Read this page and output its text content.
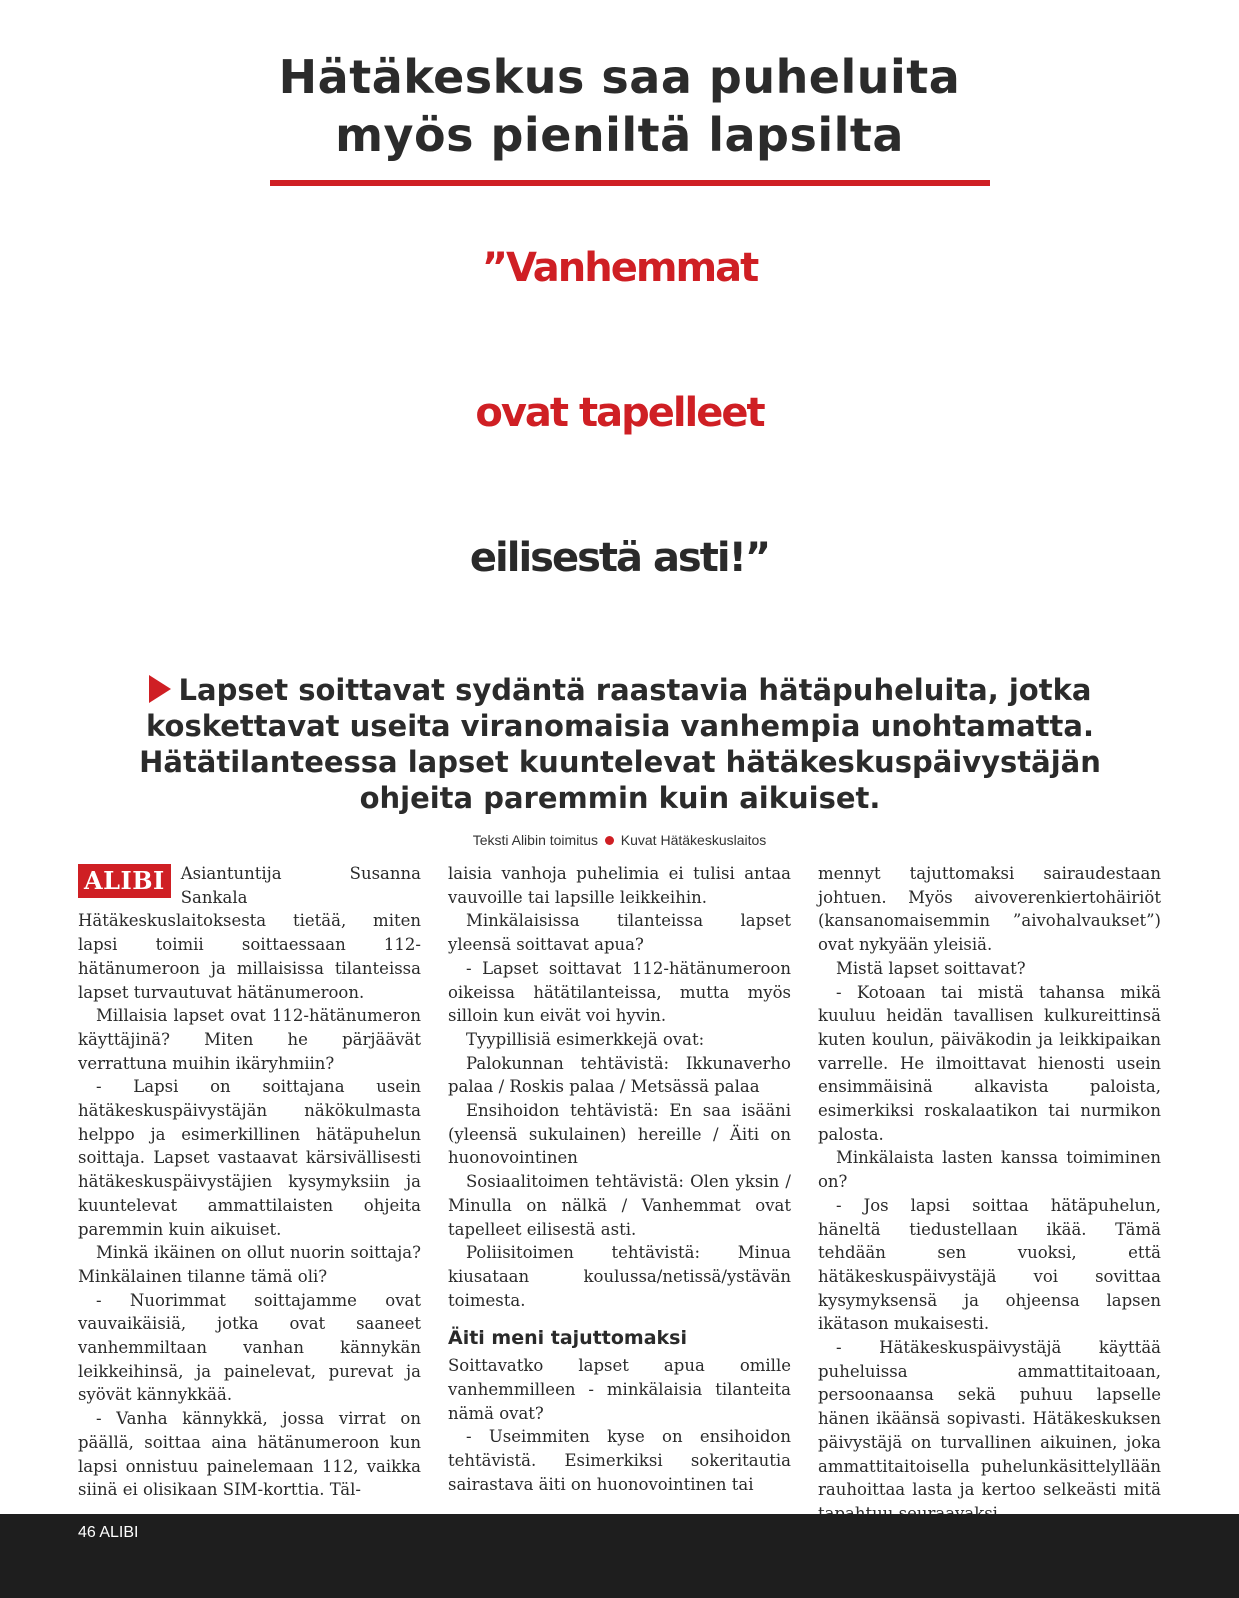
Hätäkeskus saa puheluita
myös pieniltä lapsilta
”Vanhemmat
ovat tapelleet
eilisestä asti!”
Lapset soittavat sydäntä raastavia hätäpuheluita, jotka koskettavat useita viranomaisia vanhempia unohtamatta. Hätätilanteessa lapset kuuntelevat hätäkeskuspäivystäjän ohjeita paremmin kuin aikuiset.
Teksti Alibin toimitus Kuvat Hätäkeskuslaitos
ALIBI Asiantuntija Susanna Sankala Hätäkeskuslaitoksesta tietää, miten lapsi toimii soittaessaan 112-hätänumeroon ja millaisissa tilanteissa lapset turvautuvat hätänumeroon.

Millaisia lapset ovat 112-hätänumeron käyttäjinä? Miten he pärjäävät verrattuna muihin ikäryhmiin?

- Lapsi on soittajana usein hätäkeskuspäivystäjän näkökulmasta helppo ja esimerkillinen hätäpuhelun soittaja. Lapset vastaavat kärsivällisesti hätäkeskuspäivystäjien kysymyksiin ja kuuntelevat ammattilaisten ohjeita paremmin kuin aikuiset.

Minkä ikäinen on ollut nuorin soittaja? Minkälainen tilanne tämä oli?

- Nuorimmat soittajamme ovat vauvaikäisiä, jotka ovat saaneet vanhemmiltaan vanhan kännykän leikkeihinsä, ja painelevat, purevat ja syövät kännykkää.

- Vanha kännykkä, jossa virrat on päällä, soittaa aina hätänumeroon kun lapsi onnistuu painelemaan 112, vaikka siinä ei olisikaan SIM-korttia. Täl-

laisia vanhoja puhelimia ei tulisi antaa vauvoille tai lapsille leikkeihin.

Minkälaisissa tilanteissa lapset yleensä soittavat apua?

- Lapset soittavat 112-hätänumeroon oikeissa hätätilanteissa, mutta myös silloin kun eivät voi hyvin.

Tyypillisiä esimerkkejä ovat:

Palokunnan tehtävistä: Ikkunaverho palaa / Roskis palaa / Metsässä palaa

Ensihoidon tehtävistä: En saa isääni (yleensä sukulainen) hereille / Äiti on huonovointinen

Sosiaalitoimen tehtävistä: Olen yksin / Minulla on nälkä / Vanhemmat ovat tapelleet eilisestä asti.

Poliisitoimen tehtävistä: Minua kiusataan koulussa/netissä/ystävän toimesta.

Äiti meni tajuttomaksi

Soittavatko lapset apua omille vanhemmilleen - minkälaisia tilanteita nämä ovat?

- Useimmiten kyse on ensihoidon tehtävistä. Esimerkiksi sokeritautia sairastava äiti on huonovointinen tai

mennyt tajuttomaksi sairaudestaan johtuen. Myös aivoverenkiertohäiriöt (kansanomaisemmin ”aivohalvaukset”) ovat nykyään yleisiä.

Mistä lapset soittavat?

- Kotoaan tai mistä tahansa mikä kuuluu heidän tavallisen kulkureittinsä kuten koulun, päiväkodin ja leikkipaikan varrelle. He ilmoittavat hienosti usein ensimmäisinä alkavista paloista, esimerkiksi roskalaatikon tai nurmikon palosta.

Minkälaista lasten kanssa toimiminen on?

- Jos lapsi soittaa hätäpuhelun, häneltä tiedustellaan ikää. Tämä tehdään sen vuoksi, että hätäkeskuspäivystäjä voi sovittaa kysymyksensä ja ohjeensa lapsen ikätason mukaisesti.

- Hätäkeskuspäivystäjä käyttää puheluissa ammattitaitoaan, persoonaansa sekä puhuu lapselle hänen ikäänsä sopivasti. Hätäkeskuksen päivystäjä on turvallinen aikuinen, joka ammattitaitoisella puhelunkäsittelyllään rauhoittaa lasta ja kertoo selkeästi mitä

46 ALIBI
